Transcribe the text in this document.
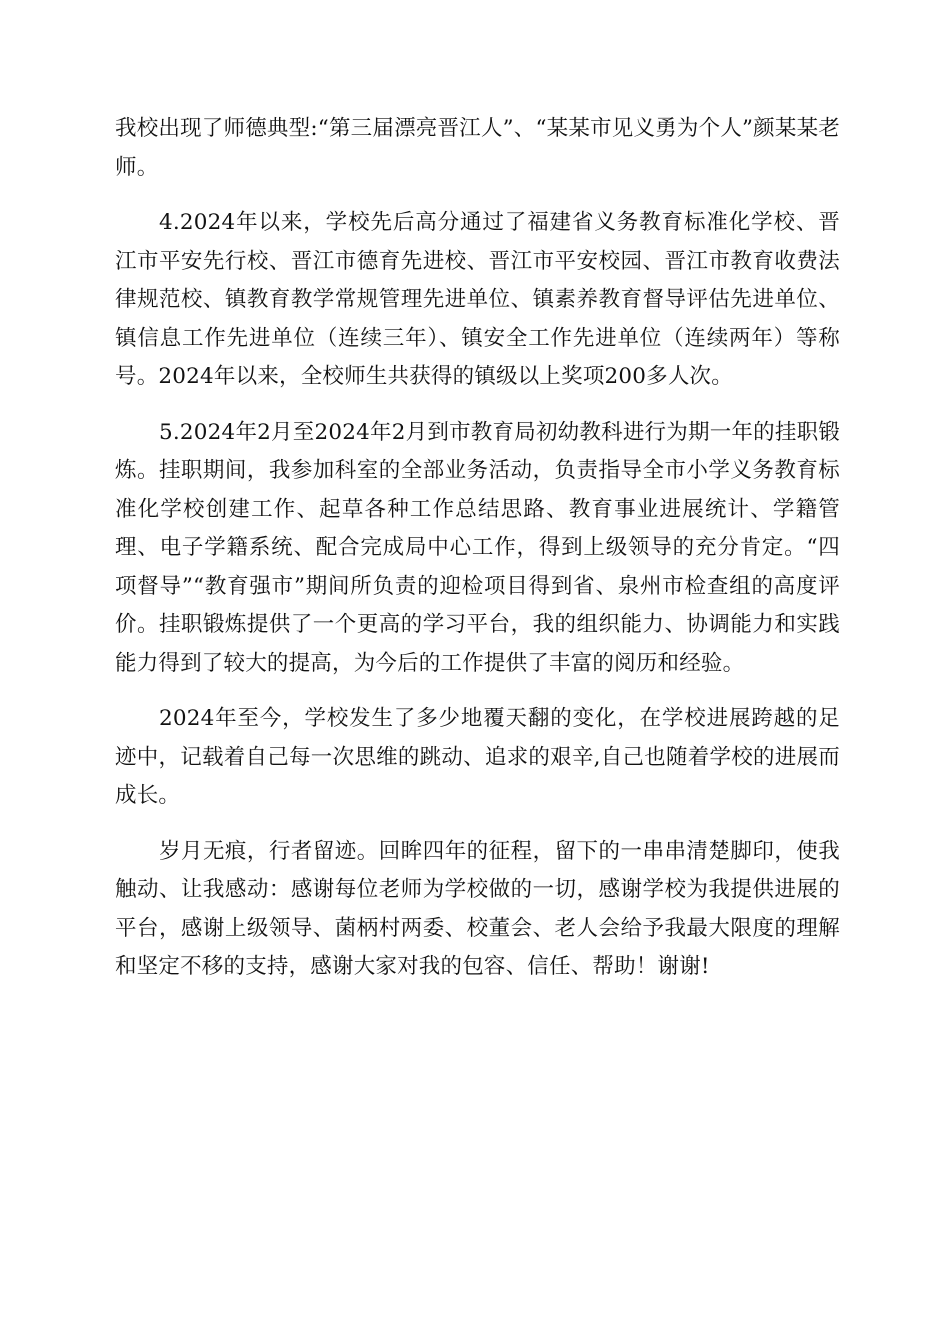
我校出现了师德典型:“第三届漂亮晋江人”、“某某市见义勇为个人”颜某某老师。

4.2024年以来，学校先后高分通过了福建省义务教育标准化学校、晋江市平安先行校、晋江市德育先进校、晋江市平安校园、晋江市教育收费法律规范校、镇教育教学常规管理先进单位、镇素养教育督导评估先进单位、镇信息工作先进单位（连续三年）、镇安全工作先进单位（连续两年）等称号。2024年以来，全校师生共获得的镇级以上奖项200多人次。

5.2024年2月至2024年2月到市教育局初幼教科进行为期一年的挂职锻炼。挂职期间，我参加科室的全部业务活动，负责指导全市小学义务教育标准化学校创建工作、起草各种工作总结思路、教育事业进展统计、学籍管理、电子学籍系统、配合完成局中心工作，得到上级领导的充分肯定。“四项督导”“教育强市”期间所负责的迎检项目得到省、泉州市检查组的高度评价。挂职锻炼提供了一个更高的学习平台，我的组织能力、协调能力和实践能力得到了较大的提高，为今后的工作提供了丰富的阅历和经验。

2024年至今，学校发生了多少地覆天翻的变化，在学校进展跨越的足迹中，记载着自己每一次思维的跳动、追求的艰辛,自己也随着学校的进展而成长。

岁月无痕，行者留迹。回眸四年的征程，留下的一串串清楚脚印，使我触动、让我感动：感谢每位老师为学校做的一切，感谢学校为我提供进展的平台，感谢上级领导、菌柄村两委、校董会、老人会给予我最大限度的理解和坚定不移的支持，感谢大家对我的包容、信任、帮助！谢谢!
